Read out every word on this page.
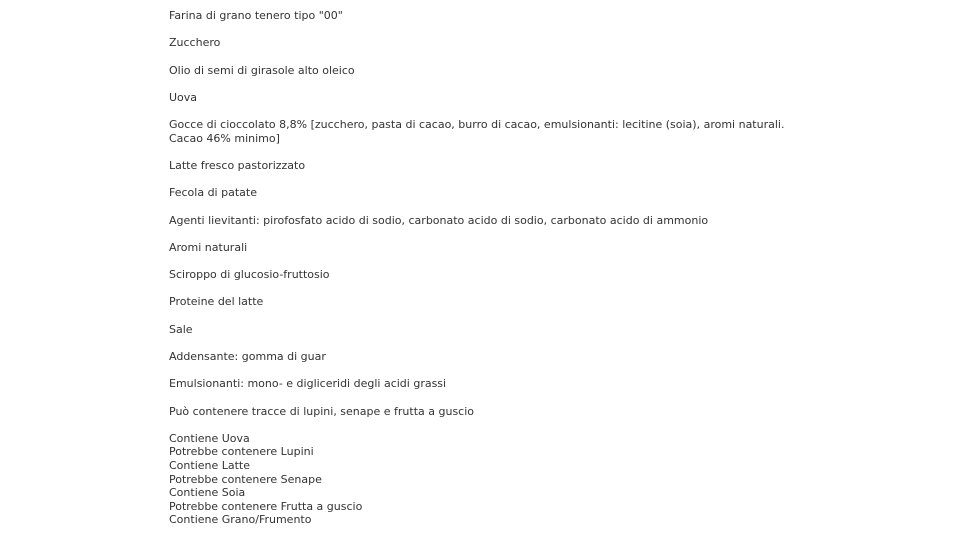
Farina di grano tenero tipo "00"
Zucchero
Olio di semi di girasole alto oleico
Uova
Gocce di cioccolato 8,8% [zucchero, pasta di cacao, burro di cacao, emulsionanti: lecitine (soia), aromi naturali. Cacao 46% minimo]
Latte fresco pastorizzato
Fecola di patate
Agenti lievitanti: pirofosfato acido di sodio, carbonato acido di sodio, carbonato acido di ammonio
Aromi naturali
Sciroppo di glucosio-fruttosio
Proteine del latte
Sale
Addensante: gomma di guar
Emulsionanti: mono- e digliceridi degli acidi grassi
Può contenere tracce di lupini, senape e frutta a guscio
Contiene Uova
Potrebbe contenere Lupini
Contiene Latte
Potrebbe contenere Senape
Contiene Soia
Potrebbe contenere Frutta a guscio
Contiene Grano/Frumento
